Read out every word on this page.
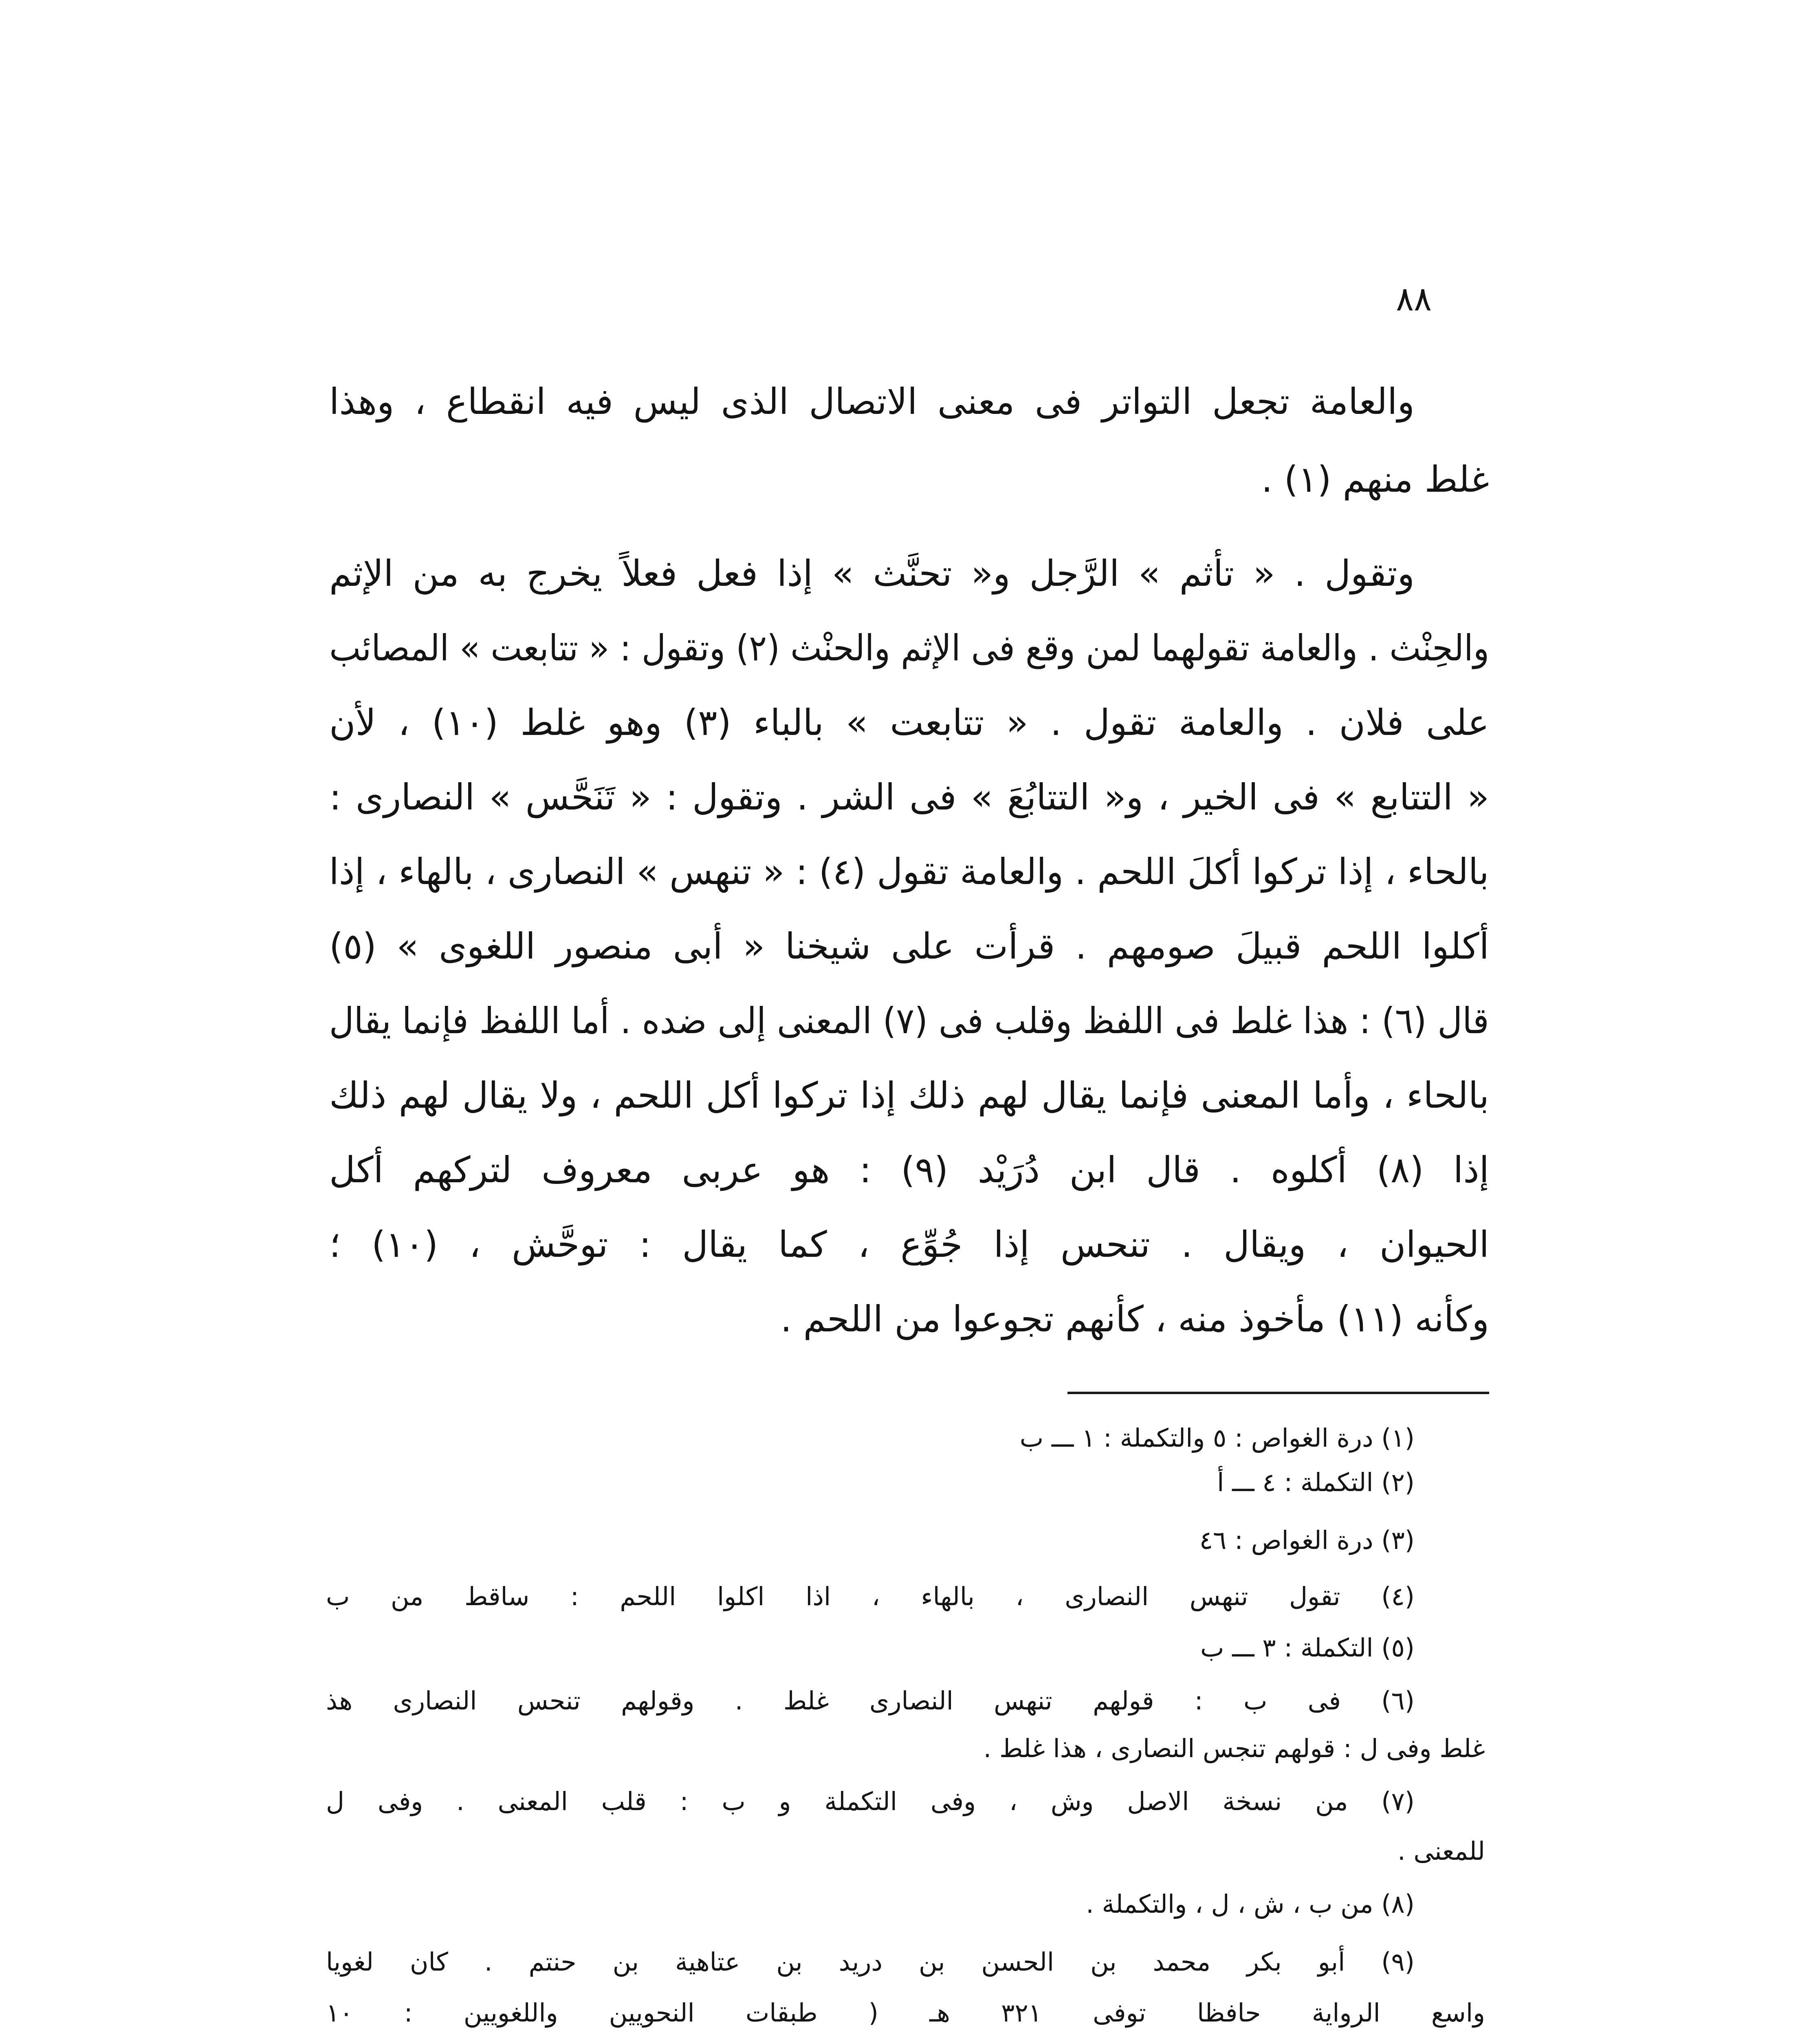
٨٨
والعامة تجعل التواتر فى معنى الاتصال الذى ليس فيه انقطاع ، وهذا
غلط منهم (١) .
وتقول . « تأثم » الرَّجل و« تحنَّث » إذا فعل فعلاً يخرج به من الإثم
والحِنْث . والعامة تقولهما لمن وقع فى الإثم والحنْث (٢) وتقول : « تتابعت » المصائب
على فلان . والعامة تقول . « تتابعت » بالباء (٣) وهو غلط (١٠) ، لأن
« التتابع » فى الخير ، و« التتابُعَ » فى الشر . وتقول : « تَنَحَّس » النصارى :
بالحاء ، إذا تركوا أكلَ اللحم . والعامة تقول (٤) : « تنهس » النصارى ، بالهاء ، إذا
أكلوا اللحم قبيلَ صومهم . قرأت على شيخنا « أبى منصور اللغوى » (٥)
قال (٦) : هذا غلط فى اللفظ وقلب فى (٧) المعنى إلى ضده . أما اللفظ فإنما يقال
بالحاء ، وأما المعنى فإنما يقال لهم ذلك إذا تركوا أكل اللحم ، ولا يقال لهم ذلك
إذا (٨) أكلوه . قال ابن دُرَيْد (٩) : هو عربى معروف لتركهم أكل
الحيوان ، ويقال . تنحس إذا جُوِّع ، كما يقال : توحَّش ، (١٠) ؛
وكأنه (١١) مأخوذ منه ، كأنهم تجوعوا من اللحم .
(١) درة الغواص : ٥ والتكملة : ١ ـــ ب
(٢) التكملة : ٤ ـــ أ
(٣) درة الغواص : ٤٦
(٤) تقول تنهس النصارى ، بالهاء ، اذا اكلوا اللحم : ساقط من ب
(٥) التكملة : ٣ ـــ ب
(٦) فى ب : قولهم تنهس النصارى غلط . وقولهم تنحس النصارى هذ
غلط وفى ل : قولهم تنجس النصارى ، هذا غلط .
(٧) من نسخة الاصل وش ، وفى التكملة و ب : قلب المعنى . وفى ل
للمعنى .
(٨) من ب ، ش ، ل ، والتكملة .
(٩) أبو بكر محمد بن الحسن بن دريد بن عتاهية بن حنتم . كان لغويا
واسع الرواية حافظا توفى ٣٢١ هـ ( طبقات النحويين واللغويين : ١٠
